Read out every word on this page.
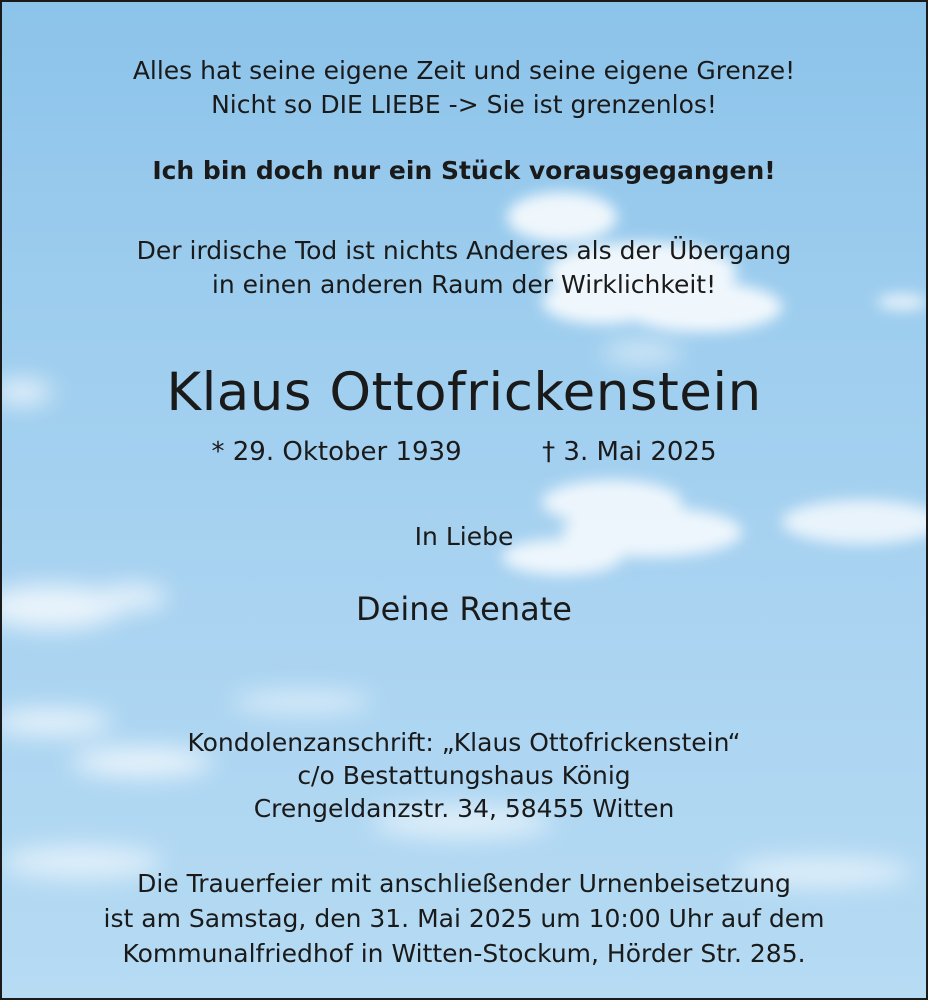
Alles hat seine eigene Zeit und seine eigene Grenze!
Nicht so DIE LIEBE -> Sie ist grenzenlos!
Ich bin doch nur ein Stück vorausgegangen!
Der irdische Tod ist nichts Anderes als der Übergang
in einen anderen Raum der Wirklichkeit!
Klaus Ottofrickenstein
* 29. Oktober 1939	† 3. Mai 2025
In Liebe
Deine Renate
Kondolenzanschrift: „Klaus Ottofrickenstein“
c/o Bestattungshaus König
Crengeldanzstr. 34, 58455 Witten
Die Trauerfeier mit anschließender Urnenbeisetzung
ist am Samstag, den 31. Mai 2025 um 10:00 Uhr auf dem
Kommunalfriedhof in Witten-Stockum, Hörder Str. 285.
